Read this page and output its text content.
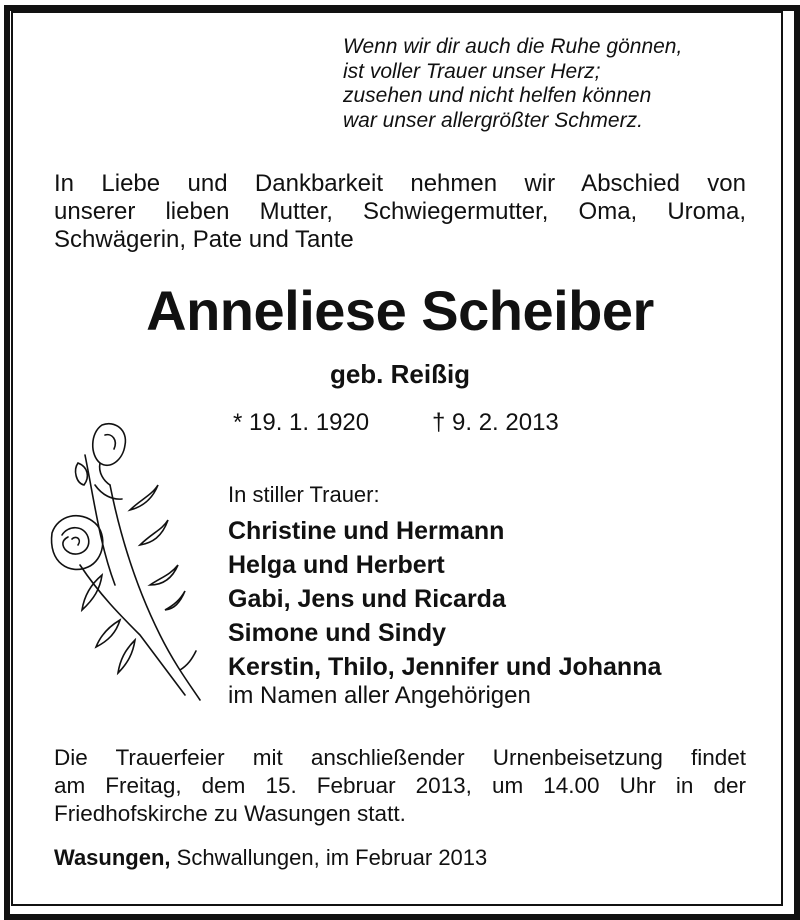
Wenn wir dir auch die Ruhe gönnen,
ist voller Trauer unser Herz;
zusehen und nicht helfen können
war unser allergrößter Schmerz.
In Liebe und Dankbarkeit nehmen wir Abschied von
unserer lieben Mutter, Schwiegermutter, Oma, Uroma,
Schwägerin, Pate und Tante
Anneliese Scheiber
geb. Reißig
* 19. 1. 1920	† 9. 2. 2013
In stiller Trauer:
Christine und Hermann
Helga und Herbert
Gabi, Jens und Ricarda
Simone und Sindy
Kerstin, Thilo, Jennifer und Johanna
im Namen aller Angehörigen
Die Trauerfeier mit anschließender Urnenbeisetzung findet
am Freitag, dem 15. Februar 2013, um 14.00 Uhr in der
Friedhofskirche zu Wasungen statt.
Wasungen, Schwallungen, im Februar 2013
